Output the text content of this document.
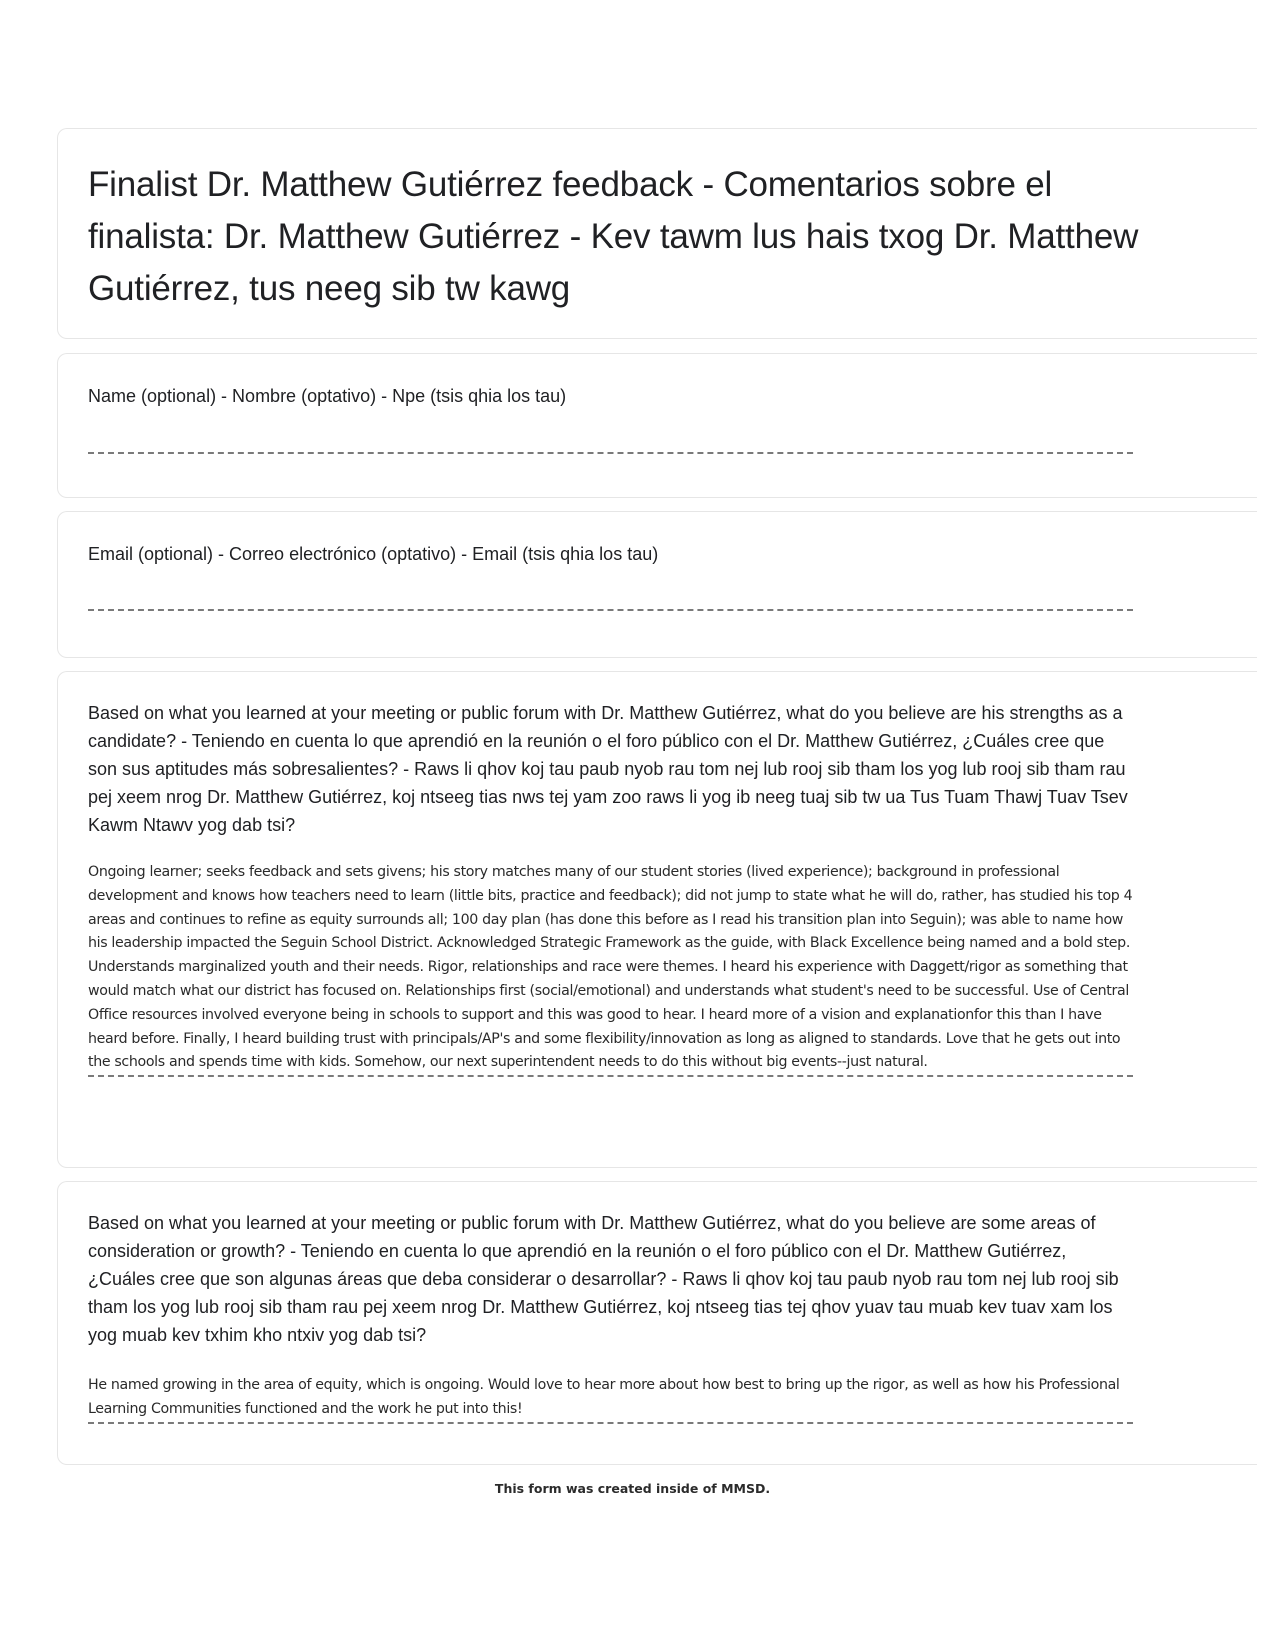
Finalist Dr. Matthew Gutiérrez feedback - Comentarios sobre el finalista: Dr. Matthew Gutiérrez - Kev tawm lus hais txog Dr. Matthew Gutiérrez, tus neeg sib tw kawg

Name (optional) - Nombre (optativo) - Npe (tsis qhia los tau)

Email (optional) - Correo electrónico (optativo) - Email (tsis qhia los tau)

Based on what you learned at your meeting or public forum with Dr. Matthew Gutiérrez, what do you believe are his strengths as a candidate? - Teniendo en cuenta lo que aprendió en la reunión o el foro público con el Dr. Matthew Gutiérrez, ¿Cuáles cree que son sus aptitudes más sobresalientes? - Raws li qhov koj tau paub nyob rau tom nej lub rooj sib tham los yog lub rooj sib tham rau pej xeem nrog Dr. Matthew Gutiérrez, koj ntseeg tias nws tej yam zoo raws li yog ib neeg tuaj sib tw ua Tus Tuam Thawj Tuav Tsev Kawm Ntawv yog dab tsi?

Ongoing learner; seeks feedback and sets givens; his story matches many of our student stories (lived experience); background in professional development and knows how teachers need to learn (little bits, practice and feedback); did not jump to state what he will do, rather, has studied his top 4 areas and continues to refine as equity surrounds all; 100 day plan (has done this before as I read his transition plan into Seguin); was able to name how his leadership impacted the Seguin School District. Acknowledged Strategic Framework as the guide, with Black Excellence being named and a bold step. Understands marginalized youth and their needs. Rigor, relationships and race were themes. I heard his experience with Daggett/rigor as something that would match what our district has focused on. Relationships first (social/emotional) and understands what student's need to be successful. Use of Central Office resources involved everyone being in schools to support and this was good to hear. I heard more of a vision and explanationfor this than I have heard before. Finally, I heard building trust with principals/AP's and some flexibility/innovation as long as aligned to standards. Love that he gets out into the schools and spends time with kids. Somehow, our next superintendent needs to do this without big events--just natural.

Based on what you learned at your meeting or public forum with Dr. Matthew Gutiérrez, what do you believe are some areas of consideration or growth? - Teniendo en cuenta lo que aprendió en la reunión o el foro público con el Dr. Matthew Gutiérrez, ¿Cuáles cree que son algunas áreas que deba considerar o desarrollar? - Raws li qhov koj tau paub nyob rau tom nej lub rooj sib tham los yog lub rooj sib tham rau pej xeem nrog Dr. Matthew Gutiérrez, koj ntseeg tias tej qhov yuav tau muab kev tuav xam los yog muab kev txhim kho ntxiv yog dab tsi?

He named growing in the area of equity, which is ongoing. Would love to hear more about how best to bring up the rigor, as well as how his Professional Learning Communities functioned and the work he put into this!

This form was created inside of MMSD.
